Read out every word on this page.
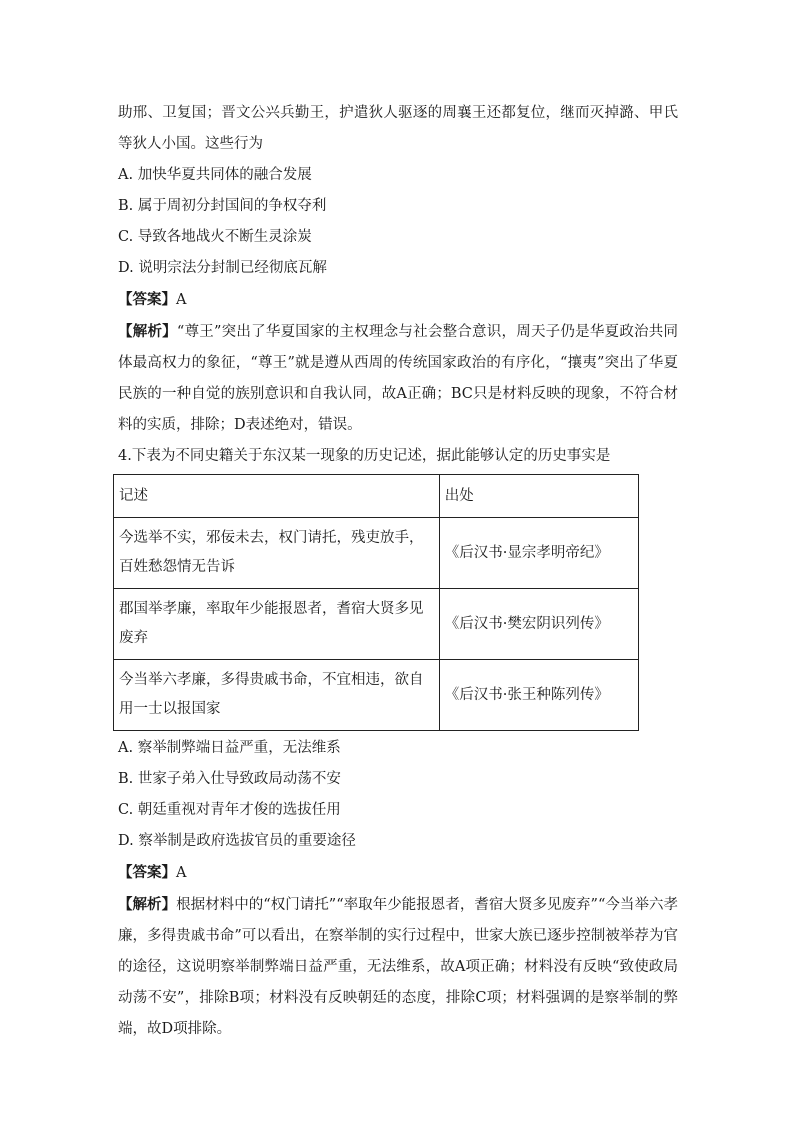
助邢、卫复国；晋文公兴兵勤王，护遣狄人驱逐的周襄王还都复位，继而灭掉潞、甲氏等狄人小国。这些行为

A. 加快华夏共同体的融合发展

B. 属于周初分封国间的争权夺利

C. 导致各地战火不断生灵涂炭

D. 说明宗法分封制已经彻底瓦解

【答案】A

【解析】“尊王”突出了华夏国家的主权理念与社会整合意识，周天子仍是华夏政治共同体最高权力的象征，“尊王”就是遵从西周的传统国家政治的有序化，“攘夷”突出了华夏民族的一种自觉的族别意识和自我认同，故A正确；BC只是材料反映的现象，不符合材料的实质，排除；D表述绝对，错误。

4.下表为不同史籍关于东汉某一现象的历史记述，据此能够认定的历史事实是

记述	出处
今选举不实，邪佞未去，权门请托，残吏放手，百姓愁怨情无告诉	《后汉书·显宗孝明帝纪》
郡国举孝廉，率取年少能报恩者，耆宿大贤多见废弃	《后汉书·樊宏阴识列传》
今当举六孝廉，多得贵戚书命，不宜相违，欲自用一士以报国家	《后汉书·张王种陈列传》

A. 察举制弊端日益严重，无法维系

B. 世家子弟入仕导致政局动荡不安

C. 朝廷重视对青年才俊的选拔任用

D. 察举制是政府选拔官员的重要途径

【答案】A

【解析】根据材料中的“权门请托”“率取年少能报恩者，耆宿大贤多见废弃”“今当举六孝廉，多得贵戚书命”可以看出，在察举制的实行过程中，世家大族已逐步控制被举荐为官的途径，这说明察举制弊端日益严重，无法维系，故A项正确；材料没有反映“致使政局动荡不安”，排除B项；材料没有反映朝廷的态度，排除C项；材料强调的是察举制的弊端，故D项排除。
